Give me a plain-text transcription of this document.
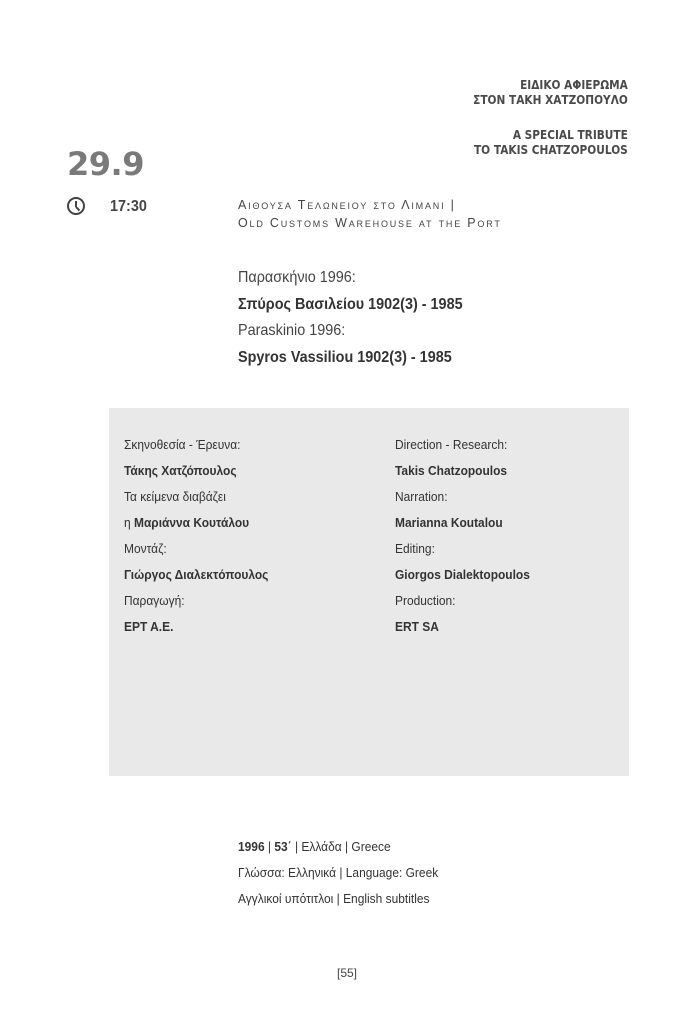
ΕΙΔΙΚΟ ΑΦΙΕΡΩΜΑ
ΣΤΟΝ ΤΑΚΗ ΧΑΤΖΟΠΟΥΛΟ
A SPECIAL TRIBUTE
TO TAKIS CHATZOPOULOS
29.9
17:30	Αιθουσα Τελωνειου στο Λιμανι |
Old Customs Warehouse at the Port
Παρασκήνιο 1996:
Σπύρος Βασιλείου 1902(3) - 1985
Paraskinio 1996:
Spyros Vassiliou 1902(3) - 1985
Σκηνοθεσία - Έρευνα:
Τάκης Χατζόπουλος
Τα κείμενα διαβάζει
η Μαριάννα Κουτάλου
Μοντάζ:
Γιώργος Διαλεκτόπουλος
Παραγωγή:
ΕΡΤ Α.Ε.
Direction - Research:
Takis Chatzopoulos
Narration:
Marianna Koutalou
Editing:
Giorgos Dialektopoulos
Production:
ERT SA
1996 | 53΄ | Ελλάδα | Greece
Γλώσσα: Ελληνικά | Language: Greek
Αγγλικοί υπότιτλοι | English subtitles
[55]
